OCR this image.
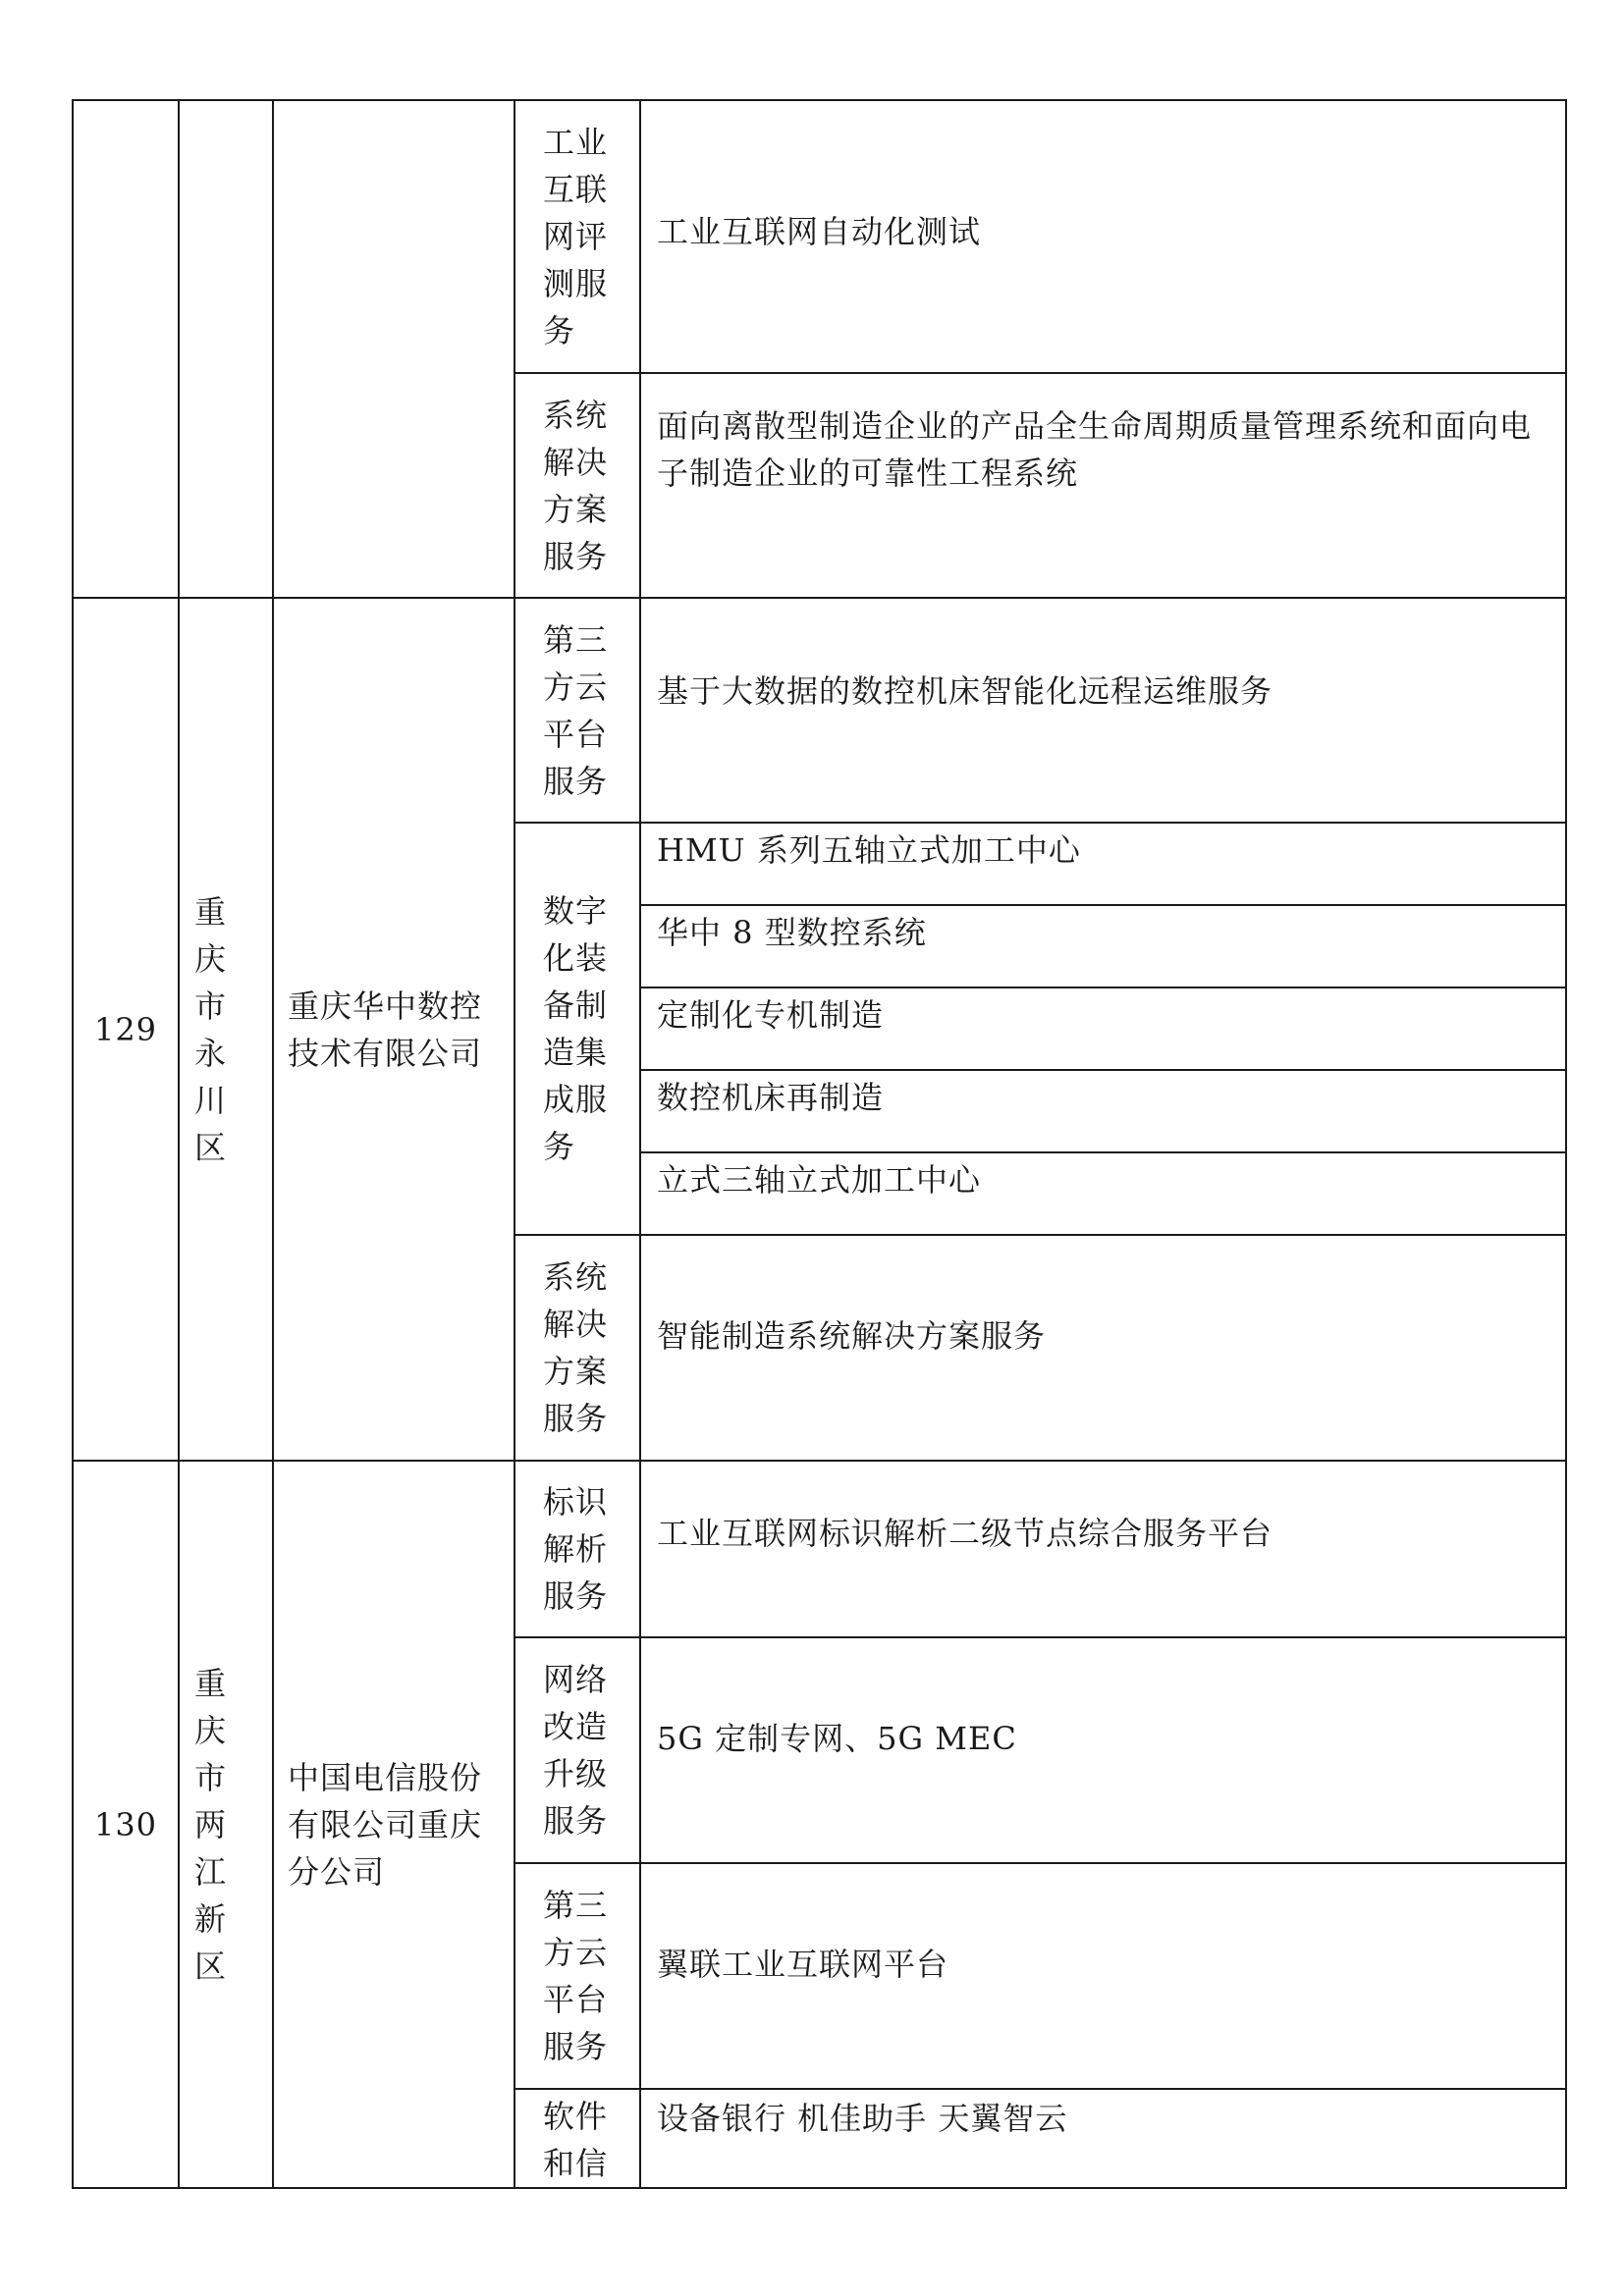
			工业互联网评测服务	工业互联网自动化测试

			系统解决方案服务	面向离散型制造企业的产品全生命周期质量管理系统和面向电子制造企业的可靠性工程系统

129	重庆市永川区	重庆华中数控技术有限公司	第三方云平台服务	基于大数据的数控机床智能化远程运维服务

			数字化装备制造集成服务	HMU 系列五轴立式加工中心

				华中 8 型数控系统

				定制化专机制造

				数控机床再制造

				立式三轴立式加工中心

			系统解决方案服务	智能制造系统解决方案服务

130	重庆市两江新区	中国电信股份有限公司重庆分公司	标识解析服务	工业互联网标识解析二级节点综合服务平台

			网络改造升级服务	5G 定制专网、5G MEC

			第三方云平台服务	翼联工业互联网平台

			软件和信	设备银行 机佳助手 天翼智云
